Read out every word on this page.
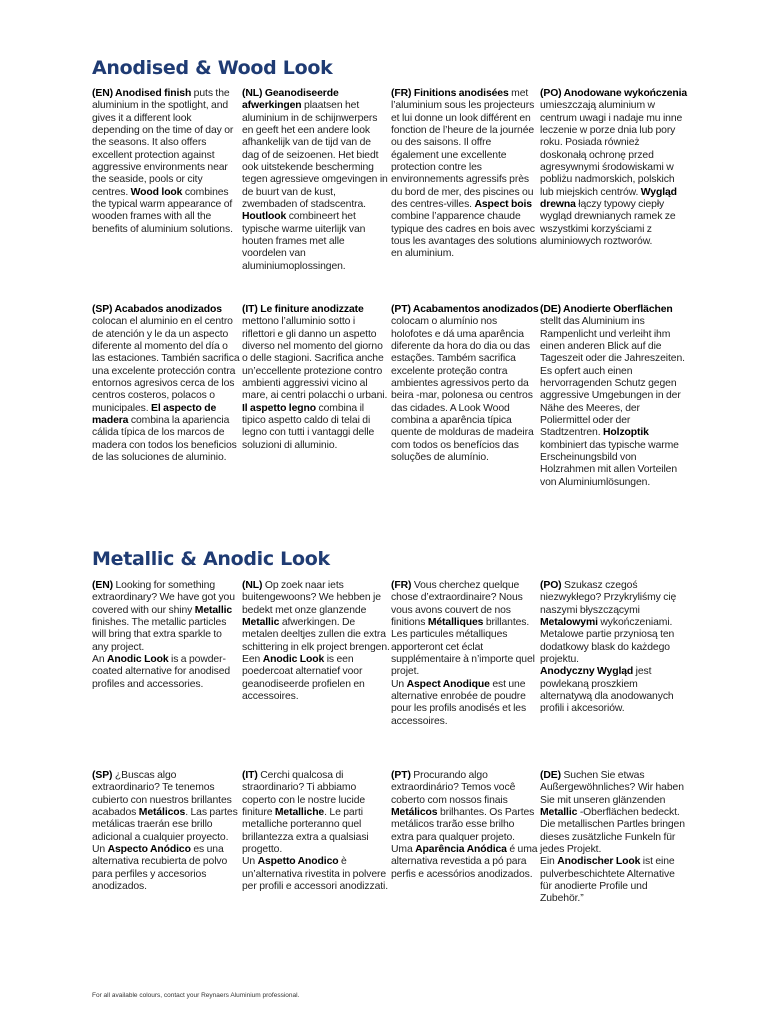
Anodised & Wood Look
(EN) Anodised finish puts the aluminium in the spotlight, and gives it a different look depending on the time of day or the seasons. It also offers excellent protection against aggressive environments near the seaside, pools or city centres. Wood look combines the typical warm appearance of wooden frames with all the benefits of aluminium solutions.
(NL) Geanodiseerde afwerkingen plaatsen het aluminium in de schijnwerpers en geeft het een andere look afhankelijk van de tijd van de dag of de seizoenen. Het biedt ook uitstekende bescherming tegen agressieve omgevingen in de buurt van de kust, zwembaden of stadscentra. Houtlook combineert het typische warme uiterlijk van houten frames met alle voordelen van aluminiumoplossingen.
(FR) Finitions anodisées met l’aluminium sous les projecteurs et lui donne un look différent en fonction de l’heure de la journée ou des saisons. Il offre également une excellente protection contre les environnements agressifs près du bord de mer, des piscines ou des centres-villes. Aspect bois combine l’apparence chaude typique des cadres en bois avec tous les avantages des solutions en aluminium.
(PO) Anodowane wykończenia umieszczają aluminium w centrum uwagi i nadaje mu inne leczenie w porze dnia lub pory roku. Posiada również doskonałą ochronę przed agresywnymi środowiskami w pobliżu nadmorskich, polskich lub miejskich centrów. Wygląd drewna łączy typowy ciepły wygląd drewnianych ramek ze wszystkimi korzyściami z aluminiowych roztworów.
(SP) Acabados anodizados colocan el aluminio en el centro de atención y le da un aspecto diferente al momento del día o las estaciones. También sacrifica una excelente protección contra entornos agresivos cerca de los centros costeros, polacos o municipales. El aspecto de madera combina la apariencia cálida típica de los marcos de madera con todos los beneficios de las soluciones de aluminio.
(IT) Le finiture anodizzate mettono l’alluminio sotto i riflettori e gli danno un aspetto diverso nel momento del giorno o delle stagioni. Sacrifica anche un’eccellente protezione contro ambienti aggressivi vicino al mare, ai centri polacchi o urbani. Il aspetto legno combina il tipico aspetto caldo di telai di legno con tutti i vantaggi delle soluzioni di alluminio.
(PT) Acabamentos anodizados colocam o alumínio nos holofotes e dá uma aparência diferente da hora do dia ou das estações. Também sacrifica excelente proteção contra ambientes agressivos perto da beira -mar, polonesa ou centros das cidades. A Look Wood combina a aparência típica quente de molduras de madeira com todos os benefícios das soluções de alumínio.
(DE) Anodierte Oberflächen stellt das Aluminium ins Rampenlicht und verleiht ihm einen anderen Blick auf die Tageszeit oder die Jahreszeiten. Es opfert auch einen hervorragenden Schutz gegen aggressive Umgebungen in der Nähe des Meeres, der Poliermittel oder der Stadtzentren. Holzoptik kombiniert das typische warme Erscheinungsbild von Holzrahmen mit allen Vorteilen von Aluminiumlösungen.
Metallic & Anodic Look
(EN) Looking for something extraordinary? We have got you covered with our shiny Metallic finishes. The metallic particles will bring that extra sparkle to any project.
An Anodic Look is a powder-coated alternative for anodised profiles and accessories.
(NL) Op zoek naar iets buitengewoons? We hebben je bedekt met onze glanzende Metallic afwerkingen. De metalen deeltjes zullen die extra schittering in elk project brengen.
Een Anodic Look is een poedercoat alternatief voor geanodiseerde profielen en accessoires.
(FR) Vous cherchez quelque chose d’extraordinaire? Nous vous avons couvert de nos finitions Métalliques brillantes. Les particules métalliques apporteront cet éclat supplémentaire à n’importe quel projet.
Un Aspect Anodique est une alternative enrobée de poudre pour les profils anodisés et les accessoires.
(PO) Szukasz czegoś niezwykłego? Przykryliśmy cię naszymi błyszczącymi Metalowymi wykończeniami. Metalowe partie przyniosą ten dodatkowy blask do każdego projektu.
Anodyczny Wygląd jest powlekaną proszkiem alternatywą dla anodowanych profili i akcesoriów.
(SP) ¿Buscas algo extraordinario? Te tenemos cubierto con nuestros brillantes acabados Metálicos. Las partes metálicas traerán ese brillo adicional a cualquier proyecto.
Un Aspecto Anódico es una alternativa recubierta de polvo para perfiles y accesorios anodizados.
(IT) Cerchi qualcosa di straordinario? Ti abbiamo coperto con le nostre lucide finiture Metalliche. Le parti metalliche porteranno quel brillantezza extra a qualsiasi progetto.
Un Aspetto Anodico è un’alternativa rivestita in polvere per profili e accessori anodizzati.
(PT) Procurando algo extraordinário? Temos você coberto com nossos finais Metálicos brilhantes. Os Partes metálicos trarão esse brilho extra para qualquer projeto.
Uma Aparência Anódica é uma alternativa revestida a pó para perfis e acessórios anodizados.
(DE) Suchen Sie etwas Außergewöhnliches? Wir haben Sie mit unseren glänzenden Metallic -Oberflächen bedeckt. Die metallischen Partles bringen dieses zusätzliche Funkeln für jedes Projekt.
Ein Anodischer Look ist eine pulverbeschichtete Alternative für anodierte Profile und Zubehör.”
For all available colours, contact your Reynaers Aluminium professional.
